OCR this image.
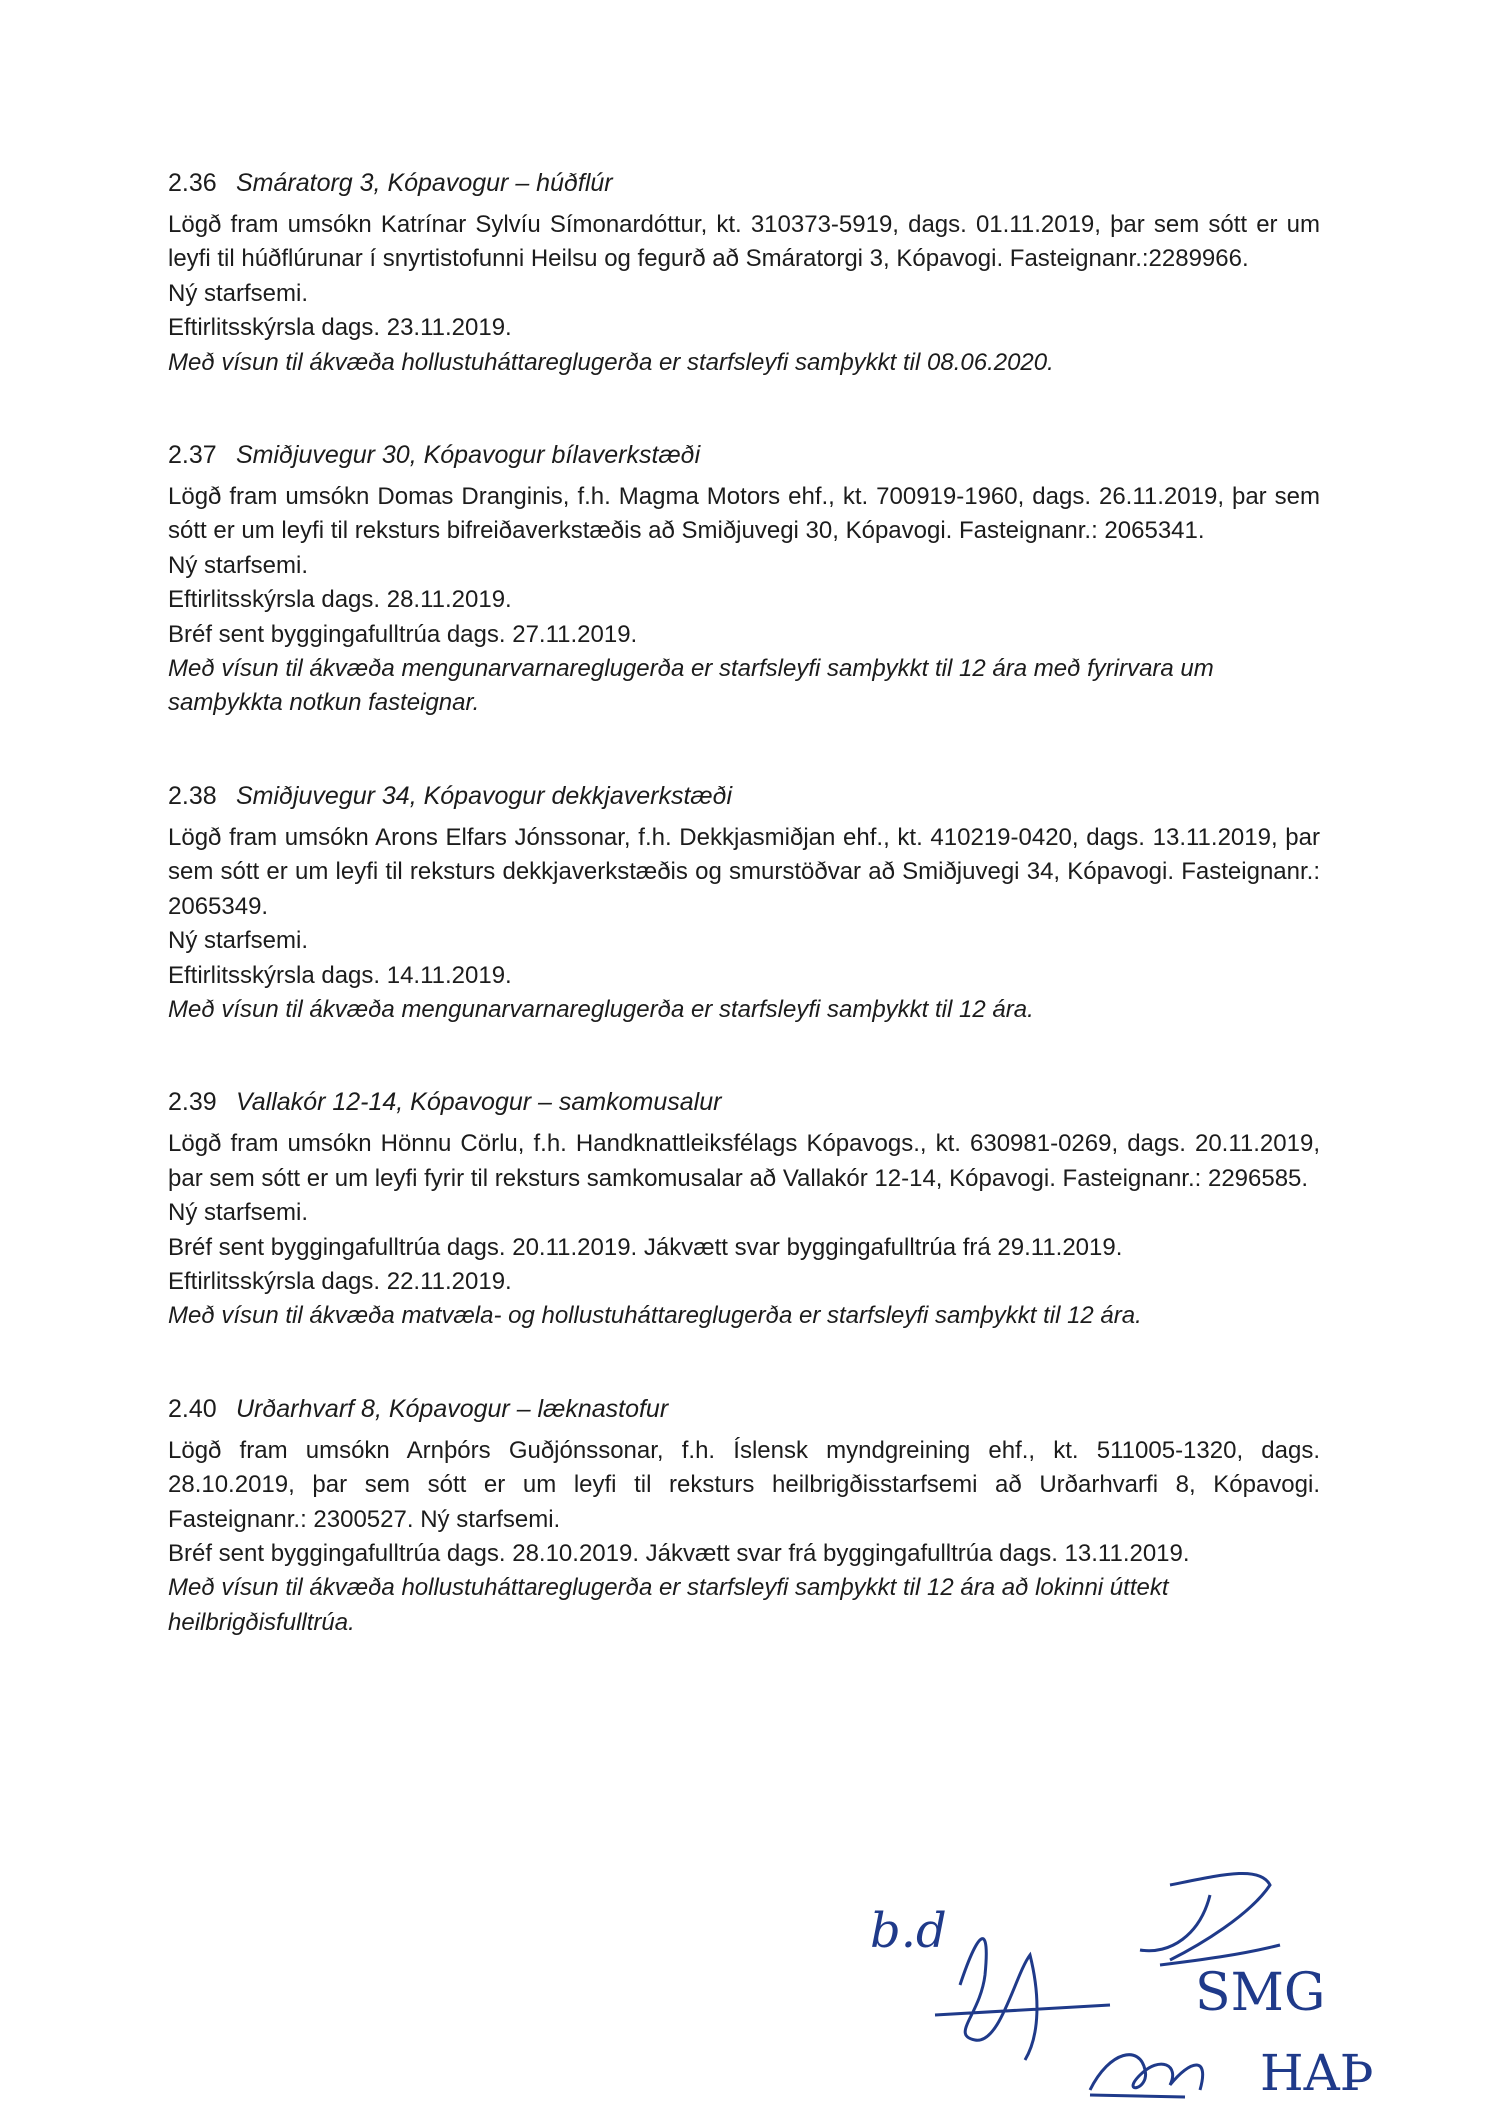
2.36 Smáratorg 3, Kópavogur – húðflúr

Lögð fram umsókn Katrínar Sylvíu Símonardóttur, kt. 310373-5919, dags. 01.11.2019, þar sem sótt er um leyfi til húðflúrunar í snyrtistofunni Heilsu og fegurð að Smáratorgi 3, Kópavogi. Fasteignanr.:2289966.

Ný starfsemi.

Eftirlitsskýrsla dags. 23.11.2019.

Með vísun til ákvæða hollustuháttareglugerða er starfsleyfi samþykkt til 08.06.2020.

2.37 Smiðjuvegur 30, Kópavogur bílaverkstæði

Lögð fram umsókn Domas Dranginis, f.h. Magma Motors ehf., kt. 700919-1960, dags. 26.11.2019, þar sem sótt er um leyfi til reksturs bifreiðaverkstæðis að Smiðjuvegi 30, Kópavogi. Fasteignanr.: 2065341.

Ný starfsemi.

Eftirlitsskýrsla dags. 28.11.2019.

Bréf sent byggingafulltrúa dags. 27.11.2019.

Með vísun til ákvæða mengunarvarnareglugerða er starfsleyfi samþykkt til 12 ára með fyrirvara um samþykkta notkun fasteignar.

2.38 Smiðjuvegur 34, Kópavogur dekkjaverkstæði

Lögð fram umsókn Arons Elfars Jónssonar, f.h. Dekkjasmiðjan ehf., kt. 410219-0420, dags. 13.11.2019, þar sem sótt er um leyfi til reksturs dekkjaverkstæðis og smurstöðvar að Smiðjuvegi 34, Kópavogi. Fasteignanr.: 2065349.

Ný starfsemi.

Eftirlitsskýrsla dags. 14.11.2019.

Með vísun til ákvæða mengunarvarnareglugerða er starfsleyfi samþykkt til 12 ára.

2.39 Vallakór 12-14, Kópavogur – samkomusalur

Lögð fram umsókn Hönnu Cörlu, f.h. Handknattleiksfélags Kópavogs., kt. 630981-0269, dags. 20.11.2019, þar sem sótt er um leyfi fyrir til reksturs samkomusalar að Vallakór 12-14, Kópavogi. Fasteignanr.: 2296585.

Ný starfsemi.

Bréf sent byggingafulltrúa dags. 20.11.2019. Jákvætt svar byggingafulltrúa frá 29.11.2019.

Eftirlitsskýrsla dags. 22.11.2019.

Með vísun til ákvæða matvæla- og hollustuháttareglugerða er starfsleyfi samþykkt til 12 ára.

2.40 Urðarhvarf 8, Kópavogur – læknastofur

Lögð fram umsókn Arnþórs Guðjónssonar, f.h. Íslensk myndgreining ehf., kt. 511005-1320, dags. 28.10.2019, þar sem sótt er um leyfi til reksturs heilbrigðisstarfsemi að Urðarhvarfi 8, Kópavogi. Fasteignanr.: 2300527. Ný starfsemi.

Bréf sent byggingafulltrúa dags. 28.10.2019. Jákvætt svar frá byggingafulltrúa dags. 13.11.2019.

Með vísun til ákvæða hollustuháttareglugerða er starfsleyfi samþykkt til 12 ára að lokinni úttekt heilbrigðisfulltrúa.

b.d
SMG
HAÞ
